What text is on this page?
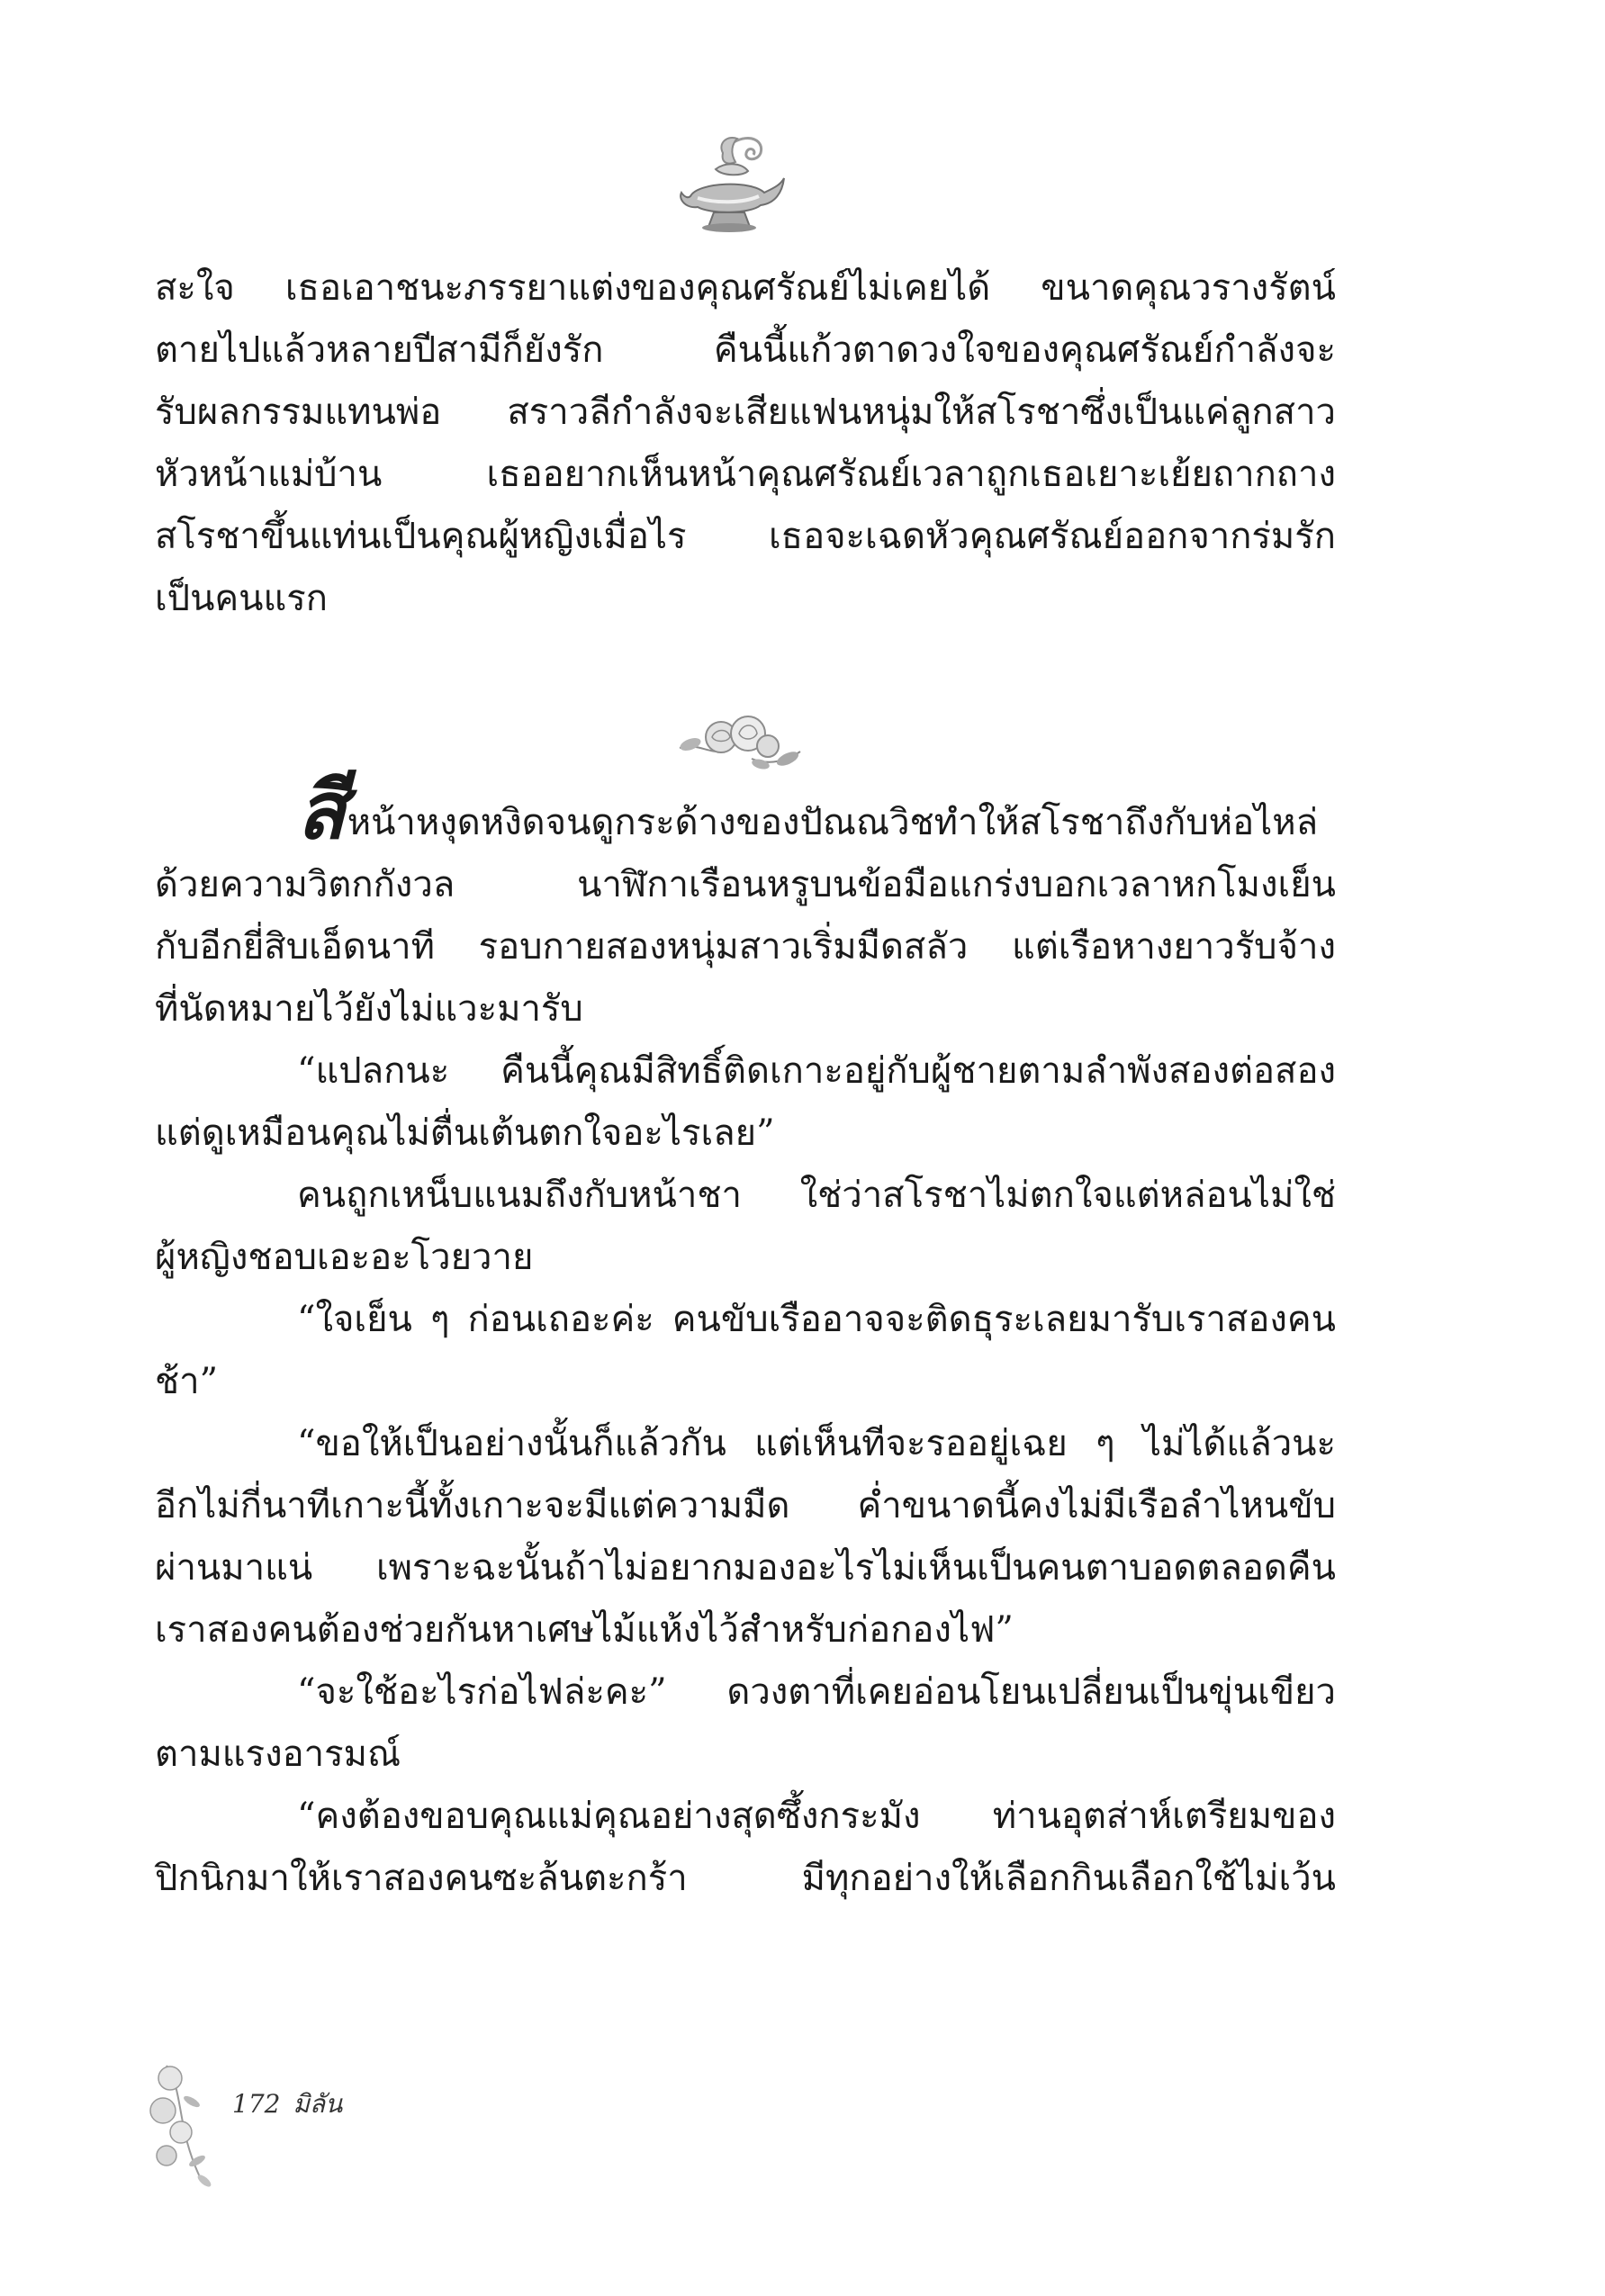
สะใจ เธอเอาชนะภรรยาแต่งของคุณศรัณย์ไม่เคยได้ ขนาดคุณวรางรัตน์
ตายไปแล้วหลายปีสามีก็ยังรัก คืนนี้แก้วตาดวงใจของคุณศรัณย์กำลังจะ
รับผลกรรมแทนพ่อ สราวลีกำลังจะเสียแฟนหนุ่มให้สโรชาซึ่งเป็นแค่ลูกสาว
หัวหน้าแม่บ้าน เธออยากเห็นหน้าคุณศรัณย์เวลาถูกเธอเยาะเย้ยถากถาง
สโรชาขึ้นแท่นเป็นคุณผู้หญิงเมื่อไร เธอจะเฉดหัวคุณศรัณย์ออกจากร่มรัก
เป็นคนแรก
สีหน้าหงุดหงิดจนดูกระด้างของปัณณวิชทำให้สโรชาถึงกับห่อไหล่
ด้วยความวิตกกังวล นาฬิกาเรือนหรูบนข้อมือแกร่งบอกเวลาหกโมงเย็น
กับอีกยี่สิบเอ็ดนาที รอบกายสองหนุ่มสาวเริ่มมืดสลัว แต่เรือหางยาวรับจ้าง
ที่นัดหมายไว้ยังไม่แวะมารับ
“แปลกนะ คืนนี้คุณมีสิทธิ์ติดเกาะอยู่กับผู้ชายตามลำพังสองต่อสอง
แต่ดูเหมือนคุณไม่ตื่นเต้นตกใจอะไรเลย”
คนถูกเหน็บแนมถึงกับหน้าชา ใช่ว่าสโรชาไม่ตกใจแต่หล่อนไม่ใช่
ผู้หญิงชอบเอะอะโวยวาย
“ใจเย็น ๆ ก่อนเถอะค่ะ คนขับเรืออาจจะติดธุระเลยมารับเราสองคน
ช้า”
“ขอให้เป็นอย่างนั้นก็แล้วกัน แต่เห็นทีจะรออยู่เฉย ๆ ไม่ได้แล้วนะ
อีกไม่กี่นาทีเกาะนี้ทั้งเกาะจะมีแต่ความมืด ค่ำขนาดนี้คงไม่มีเรือลำไหนขับ
ผ่านมาแน่ เพราะฉะนั้นถ้าไม่อยากมองอะไรไม่เห็นเป็นคนตาบอดตลอดคืน
เราสองคนต้องช่วยกันหาเศษไม้แห้งไว้สำหรับก่อกองไฟ”
“จะใช้อะไรก่อไฟล่ะคะ” ดวงตาที่เคยอ่อนโยนเปลี่ยนเป็นขุ่นเขียว
ตามแรงอารมณ์
“คงต้องขอบคุณแม่คุณอย่างสุดซึ้งกระมัง ท่านอุตส่าห์เตรียมของ
ปิกนิกมาให้เราสองคนซะล้นตะกร้า มีทุกอย่างให้เลือกกินเลือกใช้ไม่เว้น
172 มิลัน
